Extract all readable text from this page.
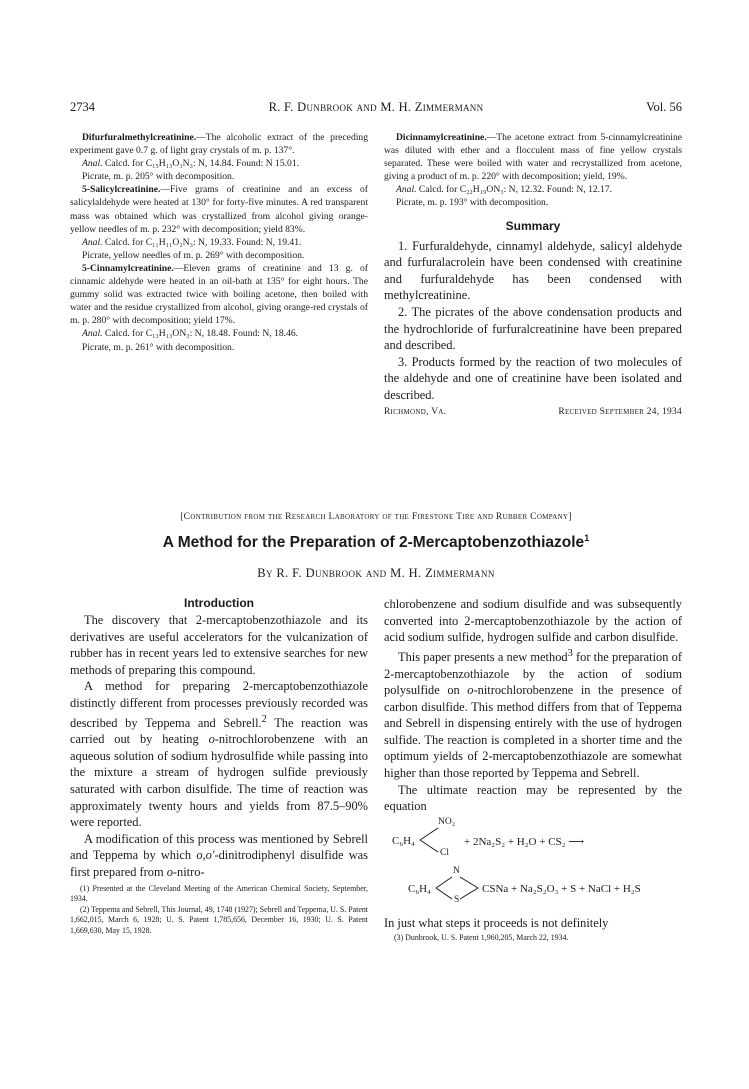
2734	R. F. Dunbrook and M. H. Zimmermann	Vol. 56

Difurfuralmethylcreatinine.—The alcoholic extract of the preceding experiment gave 0.7 g. of light gray crystals of m. p. 137°.

Anal. Calcd. for C₁₅H₁₃O₃N₃: N, 14.84. Found: N 15.01.

Picrate, m. p. 205° with decomposition.

5-Salicylcreatinine.—Five grams of creatinine and an excess of salicylaldehyde were heated at 130° for forty-five minutes. A red transparent mass was obtained which was crystallized from alcohol giving orange-yellow needles of m. p. 232° with decomposition; yield 83%.

Anal. Calcd. for C₁₁H₁₁O₂N₃: N, 19.33. Found: N, 19.41.

Picrate, yellow needles of m. p. 269° with decomposition.

5-Cinnamylcreatinine.—Eleven grams of creatinine and 13 g. of cinnamic aldehyde were heated in an oil-bath at 135° for eight hours. The gummy solid was extracted twice with boiling acetone, then boiled with water and the residue crystallized from alcohol, giving orange-red crystals of m. p. 280° with decomposition; yield 17%.

Anal. Calcd. for C₁₃H₁₃ON₃: N, 18.48. Found: N, 18.46.

Picrate, m. p. 261° with decomposition.

Dicinnamylcreatinine.—The acetone extract from 5-cinnamylcreatinine was diluted with ether and a flocculent mass of fine yellow crystals separated. These were boiled with water and recrystallized from acetone, giving a product of m. p. 220° with decomposition; yield, 19%.

Anal. Calcd. for C₂₂H₁₉ON₃: N, 12.32. Found: N, 12.17.

Picrate, m. p. 193° with decomposition.

Summary

1. Furfuraldehyde, cinnamyl aldehyde, salicyl aldehyde and furfuralacrolein have been condensed with creatinine and furfuraldehyde has been condensed with methylcreatinine.

2. The picrates of the above condensation products and the hydrochloride of furfuralcreatinine have been prepared and described.

3. Products formed by the reaction of two molecules of the aldehyde and one of creatinine have been isolated and described.

Richmond, Va.	Received September 24, 1934
[Contribution from the Research Laboratory of the Firestone Tire and Rubber Company]
A Method for the Preparation of 2-Mercaptobenzothiazole$^1$
By R. F. Dunbrook and M. H. Zimmermann

Introduction

The discovery that 2-mercaptobenzothiazole and its derivatives are useful accelerators for the vulcanization of rubber has in recent years led to extensive searches for new methods of preparing this compound.

A method for preparing 2-mercaptobenzothiazole distinctly different from processes previously recorded was described by Teppema and Sebrell.$^2$ The reaction was carried out by heating o-nitrochlorobenzene with an aqueous solution of sodium hydrosulfide while passing into the mixture a stream of hydrogen sulfide previously saturated with carbon disulfide. The time of reaction was approximately twenty hours and yields from 87.5–90% were reported.

A modification of this process was mentioned by Sebrell and Teppema by which o,o'-dinitrodiphenyl disulfide was first prepared from o-nitro-

(1) Presented at the Cleveland Meeting of the American Chemical Society, September, 1934.

(2) Teppema and Sebrell, This Journal, 49, 1748 (1927); Sebrell and Teppema, U. S. Patent 1,662,015, March 6, 1928; U. S. Patent 1,785,656, December 16, 1930; U. S. Patent 1,669,630, May 15, 1928.

chlorobenzene and sodium disulfide and was subsequently converted into 2-mercaptobenzothiazole by the action of acid sodium sulfide, hydrogen sulfide and carbon disulfide.

This paper presents a new method$^3$ for the preparation of 2-mercaptobenzothiazole by the action of sodium polysulfide on o-nitrochlorobenzene in the presence of carbon disulfide. This method differs from that of Teppema and Sebrell in dispensing entirely with the use of hydrogen sulfide. The reaction is completed in a shorter time and the optimum yields of 2-mercaptobenzothiazole are somewhat higher than those reported by Teppema and Sebrell.

The ultimate reaction may be represented by the equation

C₆H₄
NO₂
Cl
+ 2Na₂S₂ + H₂O + CS₂ ⟶
C₆H₄
N
S
CSNa + Na₂S₂O₃ + S + NaCl + H₂S

In just what steps it proceeds is not definitely

(3) Dunbrook, U. S. Patent 1,960,205, March 22, 1934.
